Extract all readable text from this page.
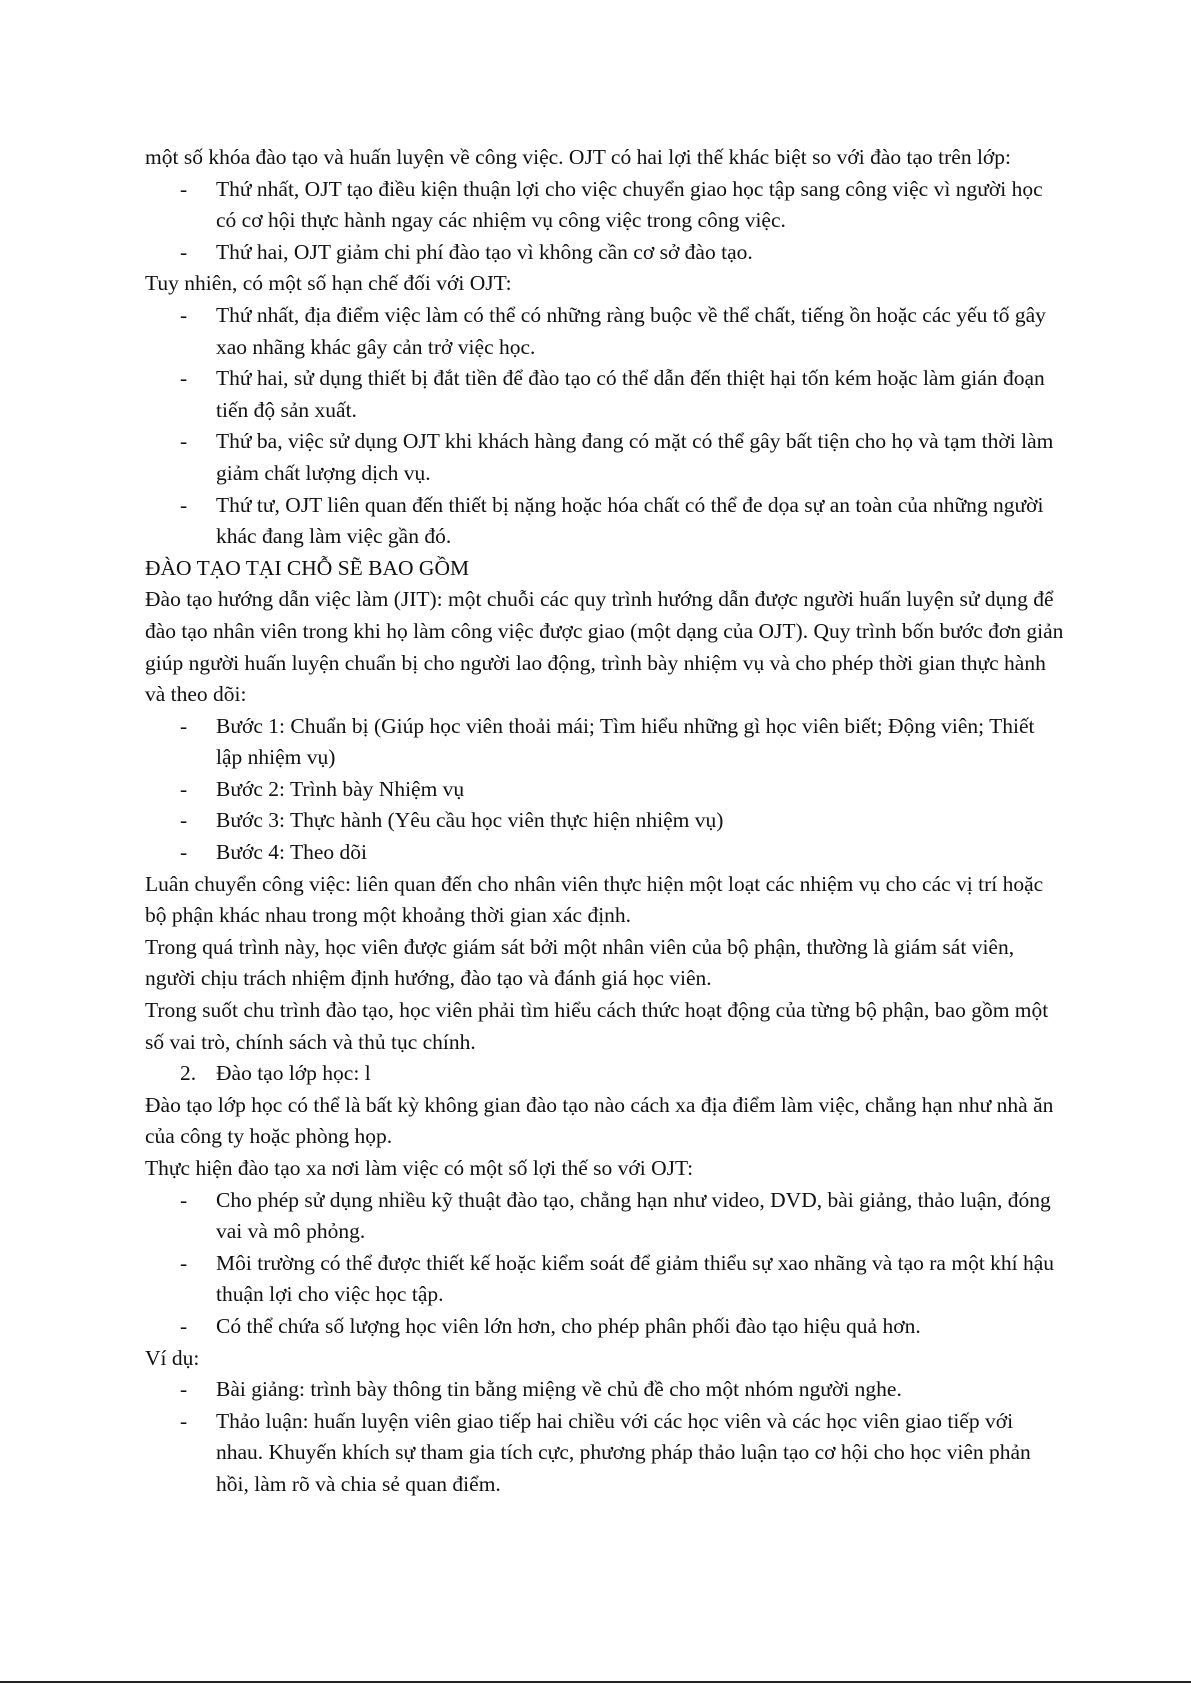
một số khóa đào tạo và huấn luyện về công việc. OJT có hai lợi thế khác biệt so với đào tạo trên lớp:

- Thứ nhất, OJT tạo điều kiện thuận lợi cho việc chuyển giao học tập sang công việc vì người học có cơ hội thực hành ngay các nhiệm vụ công việc trong công việc.
- Thứ hai, OJT giảm chi phí đào tạo vì không cần cơ sở đào tạo.

Tuy nhiên, có một số hạn chế đối với OJT:

- Thứ nhất, địa điểm việc làm có thể có những ràng buộc về thể chất, tiếng ồn hoặc các yếu tố gây xao nhãng khác gây cản trở việc học.
- Thứ hai, sử dụng thiết bị đắt tiền để đào tạo có thể dẫn đến thiệt hại tốn kém hoặc làm gián đoạn tiến độ sản xuất.
- Thứ ba, việc sử dụng OJT khi khách hàng đang có mặt có thể gây bất tiện cho họ và tạm thời làm giảm chất lượng dịch vụ.
- Thứ tư, OJT liên quan đến thiết bị nặng hoặc hóa chất có thể đe dọa sự an toàn của những người khác đang làm việc gần đó.

ĐÀO TẠO TẠI CHỖ SẼ BAO GỒM

Đào tạo hướng dẫn việc làm (JIT): một chuỗi các quy trình hướng dẫn được người huấn luyện sử dụng để đào tạo nhân viên trong khi họ làm công việc được giao (một dạng của OJT). Quy trình bốn bước đơn giản giúp người huấn luyện chuẩn bị cho người lao động, trình bày nhiệm vụ và cho phép thời gian thực hành và theo dõi:

- Bước 1: Chuẩn bị (Giúp học viên thoải mái; Tìm hiểu những gì học viên biết; Động viên; Thiết lập nhiệm vụ)
- Bước 2: Trình bày Nhiệm vụ
- Bước 3: Thực hành (Yêu cầu học viên thực hiện nhiệm vụ)
- Bước 4: Theo dõi

Luân chuyển công việc: liên quan đến cho nhân viên thực hiện một loạt các nhiệm vụ cho các vị trí hoặc bộ phận khác nhau trong một khoảng thời gian xác định.

Trong quá trình này, học viên được giám sát bởi một nhân viên của bộ phận, thường là giám sát viên, người chịu trách nhiệm định hướng, đào tạo và đánh giá học viên.

Trong suốt chu trình đào tạo, học viên phải tìm hiểu cách thức hoạt động của từng bộ phận, bao gồm một số vai trò, chính sách và thủ tục chính.

2. Đào tạo lớp học: l

Đào tạo lớp học có thể là bất kỳ không gian đào tạo nào cách xa địa điểm làm việc, chẳng hạn như nhà ăn của công ty hoặc phòng họp.

Thực hiện đào tạo xa nơi làm việc có một số lợi thế so với OJT:

- Cho phép sử dụng nhiều kỹ thuật đào tạo, chẳng hạn như video, DVD, bài giảng, thảo luận, đóng vai và mô phỏng.
- Môi trường có thể được thiết kế hoặc kiểm soát để giảm thiểu sự xao nhãng và tạo ra một khí hậu thuận lợi cho việc học tập.
- Có thể chứa số lượng học viên lớn hơn, cho phép phân phối đào tạo hiệu quả hơn.

Ví dụ:

- Bài giảng: trình bày thông tin bằng miệng về chủ đề cho một nhóm người nghe.
- Thảo luận: huấn luyện viên giao tiếp hai chiều với các học viên và các học viên giao tiếp với nhau. Khuyến khích sự tham gia tích cực, phương pháp thảo luận tạo cơ hội cho học viên phản hồi, làm rõ và chia sẻ quan điểm.
